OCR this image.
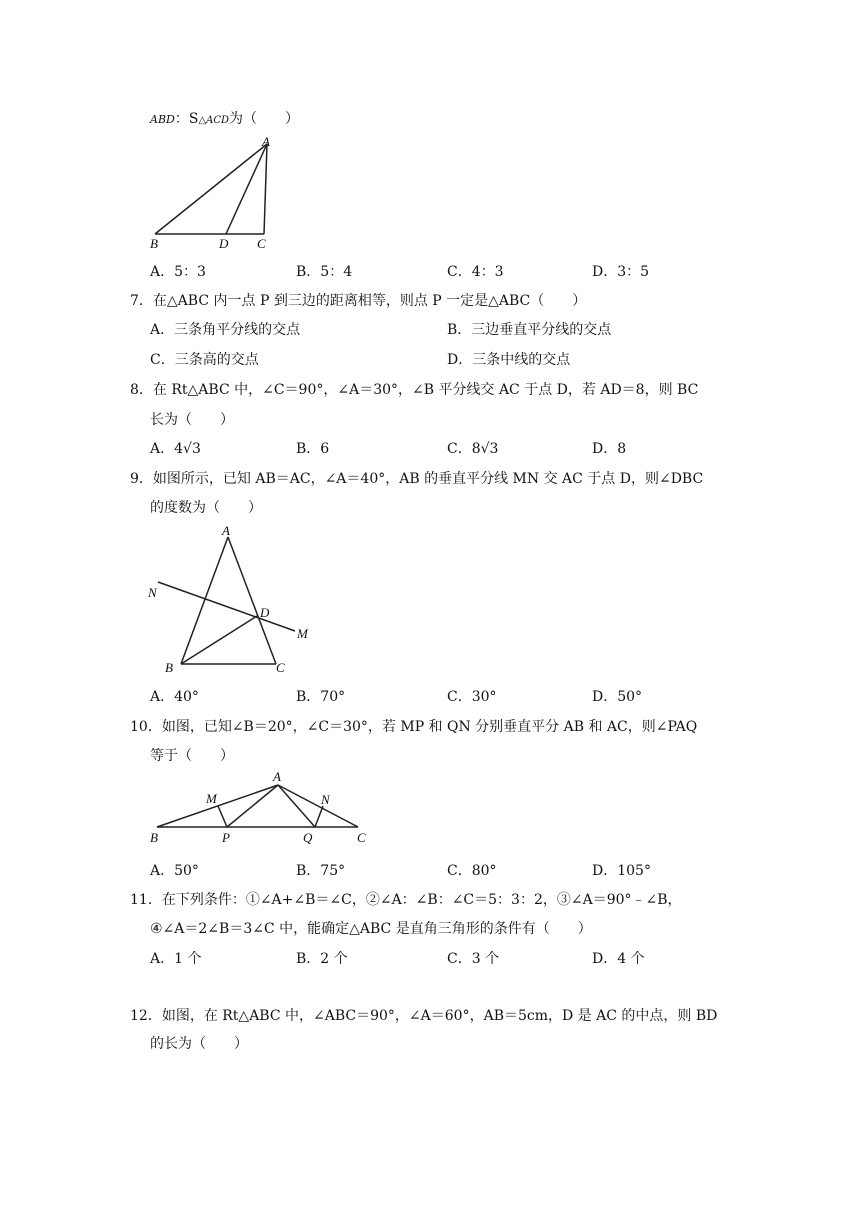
ABD：S△ACD为（　　）
A
B	D C
A．5：3	B．5：4	C．4：3	D．3：5
7．在△ABC 内一点 P 到三边的距离相等，则点 P 一定是△ABC（　　）
A．三条角平分线的交点	B．三边垂直平分线的交点
C．三条高的交点	D．三条中线的交点
8．在 Rt△ABC 中，∠C＝90°，∠A＝30°，∠B 平分线交 AC 于点 D，若 AD＝8，则 BC
长为（　　）
A．4√3	B．6	C．8√3	D．8
9．如图所示，已知 AB＝AC，∠A＝40°，AB 的垂直平分线 MN 交 AC 于点 D，则∠DBC
的度数为（　　）
A
N
D
M
B	C
A．40°	B．70°	C．30°	D．50°
10．如图，已知∠B＝20°，∠C＝30°，若 MP 和 QN 分别垂直平分 AB 和 AC，则∠PAQ
等于（　　）
A
M	N
B	P	Q	C
A．50°	B．75°	C．80°	D．105°
11．在下列条件：①∠A+∠B＝∠C，②∠A：∠B：∠C＝5：3：2，③∠A＝90°﹣∠B，
④∠A＝2∠B＝3∠C 中，能确定△ABC 是直角三角形的条件有（　　）
A．1 个	B．2 个	C．3 个	D．4 个
12．如图，在 Rt△ABC 中，∠ABC＝90°，∠A＝60°，AB＝5cm，D 是 AC 的中点，则 BD
的长为（　　）
